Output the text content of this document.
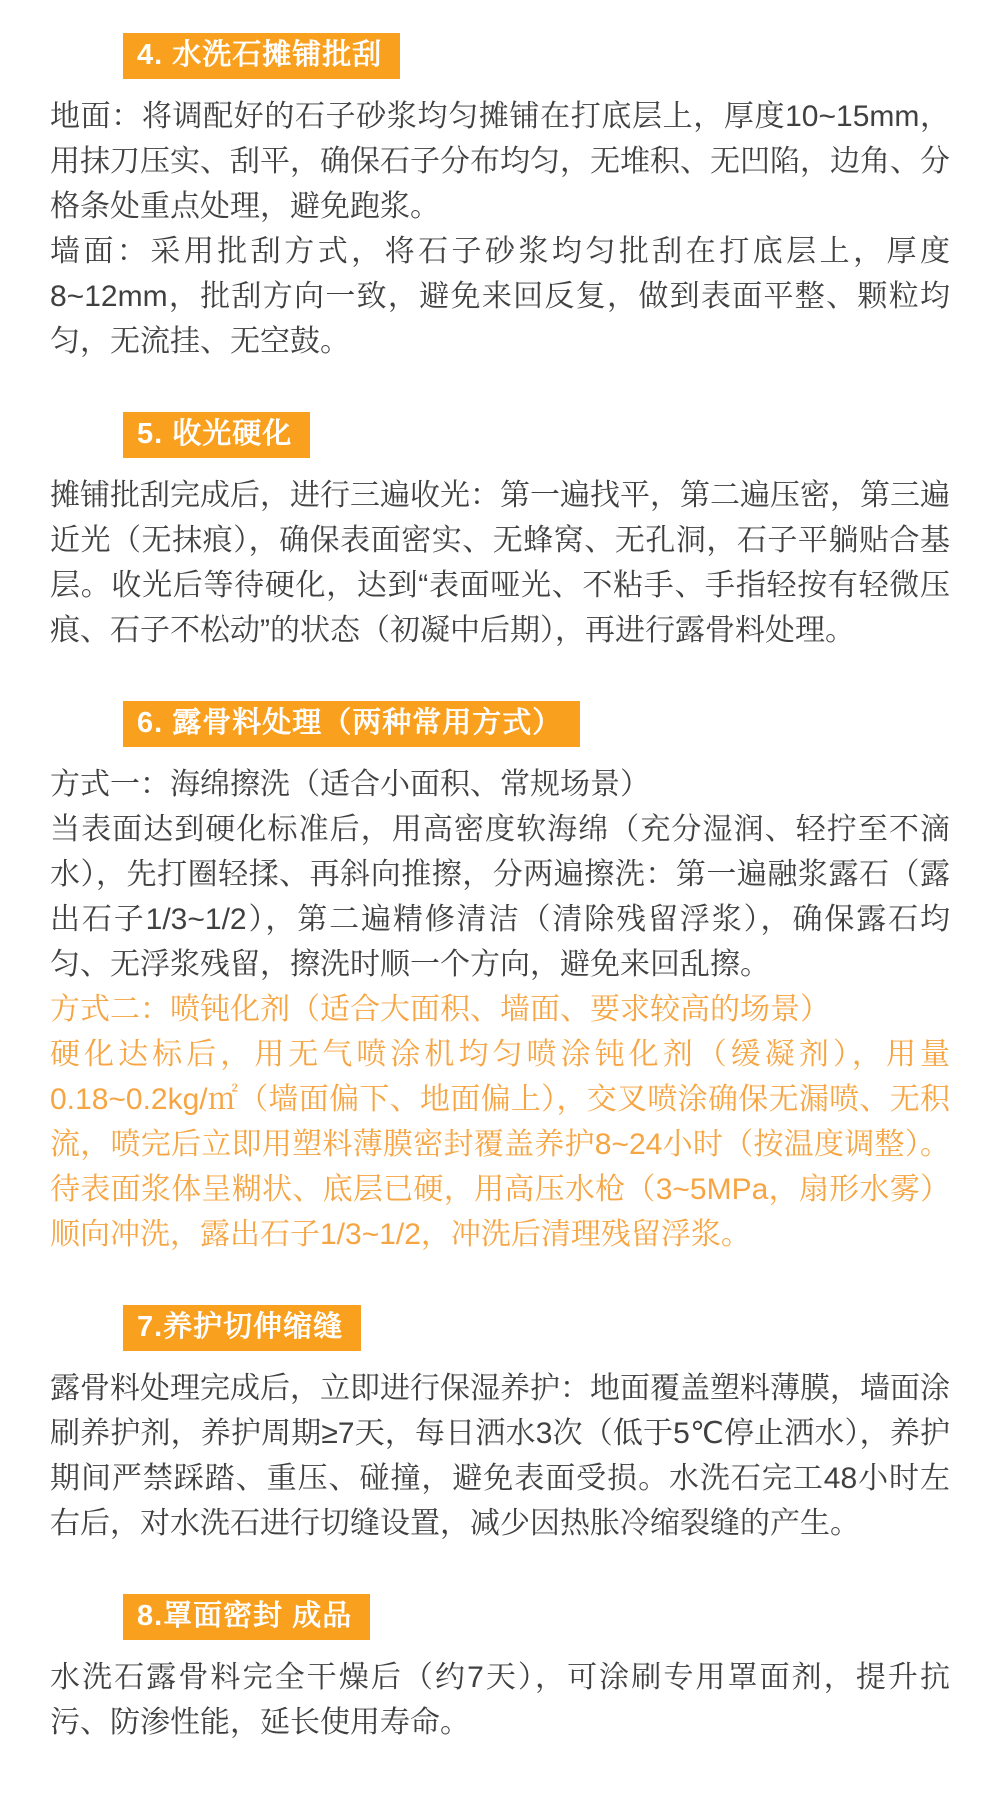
4. 水洗石摊铺批刮

地面：将调配好的石子砂浆均匀摊铺在打底层上，厚度10~15mm，用抹刀压实、刮平，确保石子分布均匀，无堆积、无凹陷，边角、分格条处重点处理，避免跑浆。

墙面：采用批刮方式，将石子砂浆均匀批刮在打底层上，厚度8~12mm，批刮方向一致，避免来回反复，做到表面平整、颗粒均匀，无流挂、无空鼓。

5. 收光硬化

摊铺批刮完成后，进行三遍收光：第一遍找平，第二遍压密，第三遍近光（无抹痕），确保表面密实、无蜂窝、无孔洞，石子平躺贴合基层。收光后等待硬化，达到“表面哑光、不粘手、手指轻按有轻微压痕、石子不松动”的状态（初凝中后期），再进行露骨料处理。

6. 露骨料处理（两种常用方式）

方式一：海绵擦洗（适合小面积、常规场景）

当表面达到硬化标准后，用高密度软海绵（充分湿润、轻拧至不滴水），先打圈轻揉、再斜向推擦，分两遍擦洗：第一遍融浆露石（露出石子1/3~1/2），第二遍精修清洁（清除残留浮浆），确保露石均匀、无浮浆残留，擦洗时顺一个方向，避免来回乱擦。

方式二：喷钝化剂（适合大面积、墙面、要求较高的场景）

硬化达标后，用无气喷涂机均匀喷涂钝化剂（缓凝剂），用量0.18~0.2kg/㎡（墙面偏下、地面偏上），交叉喷涂确保无漏喷、无积流，喷完后立即用塑料薄膜密封覆盖养护8~24小时（按温度调整）。待表面浆体呈糊状、底层已硬，用高压水枪（3~5MPa，扇形水雾）顺向冲洗，露出石子1/3~1/2，冲洗后清理残留浮浆。

7.养护切伸缩缝

露骨料处理完成后，立即进行保湿养护：地面覆盖塑料薄膜，墙面涂刷养护剂，养护周期≥7天，每日洒水3次（低于5℃停止洒水），养护期间严禁踩踏、重压、碰撞，避免表面受损。水洗石完工48小时左右后，对水洗石进行切缝设置，减少因热胀冷缩裂缝的产生。

8.罩面密封 成品

水洗石露骨料完全干燥后（约7天），可涂刷专用罩面剂，提升抗污、防渗性能，延长使用寿命。
